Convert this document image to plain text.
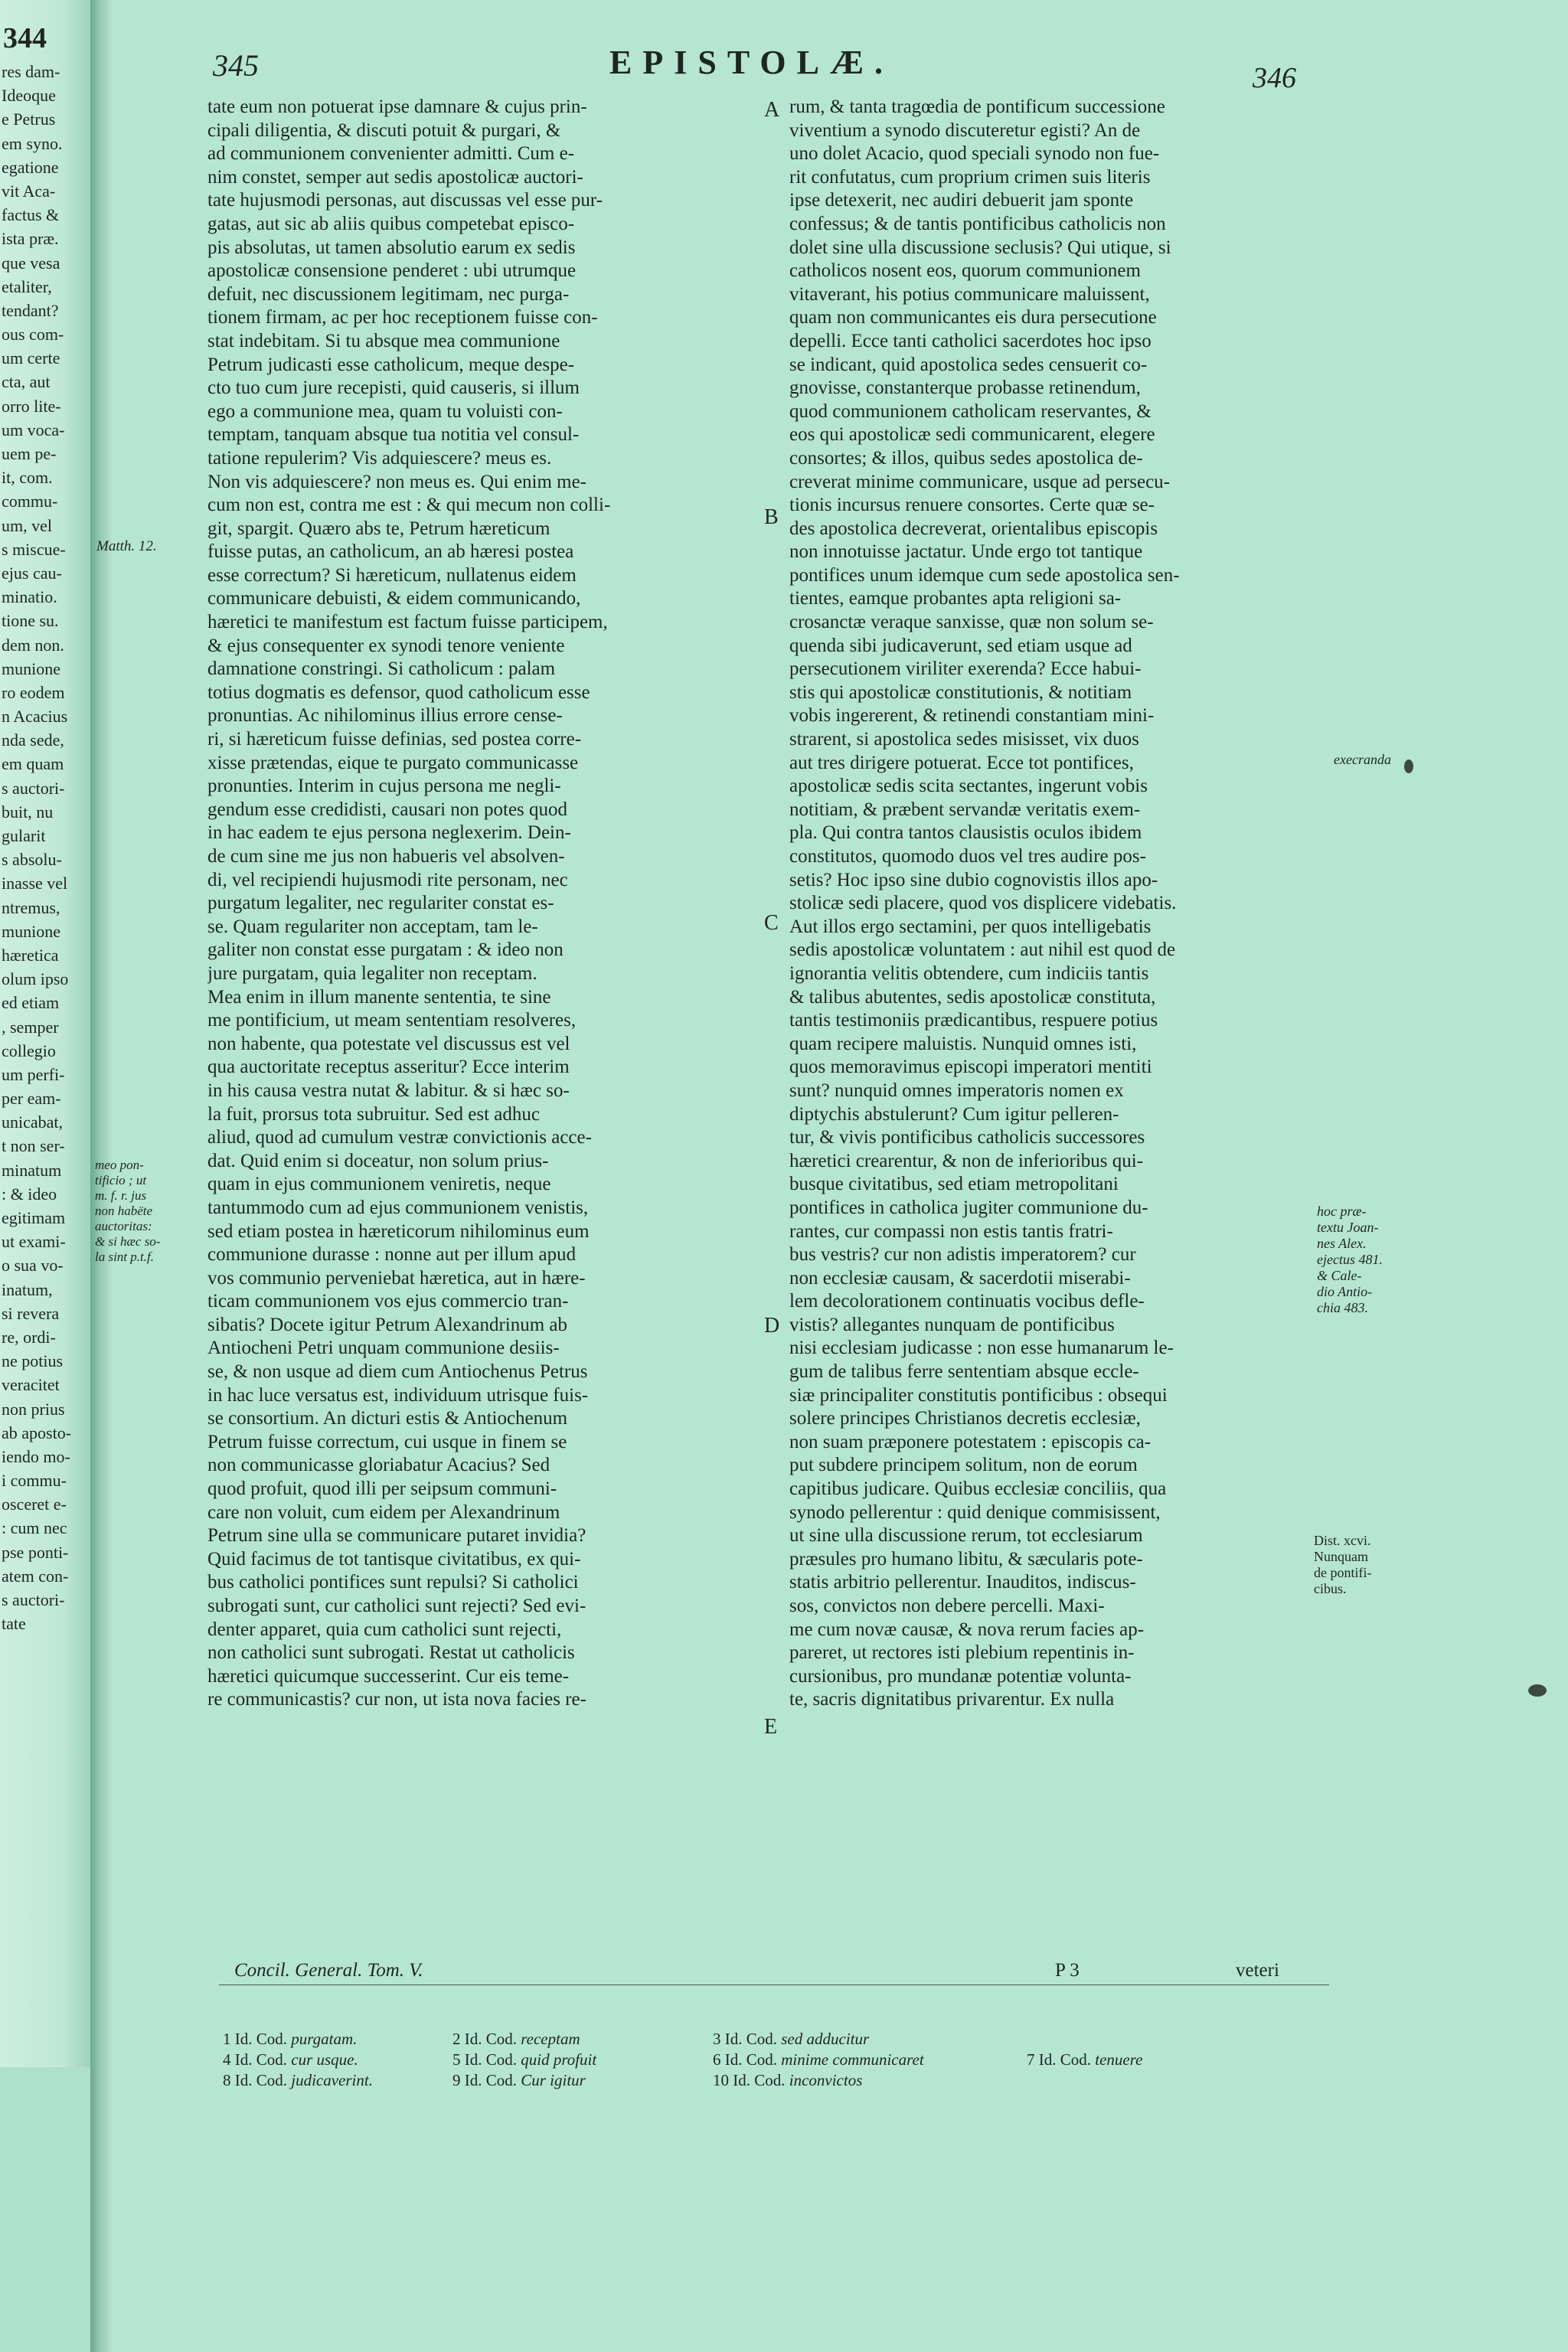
344
res dam-
Ideoque
e Petrus
em syno.
egatione
vit Aca-
factus &
ista præ.
que vesa
etaliter,
tendant?
ous com-
um certe
cta, aut
orro lite-
um voca-
uem pe-
it, com.
commu-
um, vel
s miscue-
ejus cau-
minatio.
tione su.
dem non.
munione
ro eodem
n Acacius
nda sede,
em quam
s auctori-
buit, nu
gularit
s absolu-
inasse vel
ntremus,
munione
hæretica
olum ipso
ed etiam
, semper
collegio
um perfi-
per eam-
unicabat,
t non ser-
minatum
: & ideo
egitimam
ut exami-
o sua vo-
inatum,
si revera
re, ordi-
ne potius
veracitet
non prius
ab aposto-
iendo mo-
i commu-
osceret e-
: cum nec
pse ponti-
atem con-
s auctori-
tate
345	EPISTOLÆ.	346
tate eum non potuerat ipse damnare & cujus prin-
cipali diligentia, & discuti potuit & purgari, &
ad communionem convenienter admitti. Cum e-
nim constet, semper aut sedis apostolicæ auctori-
tate hujusmodi personas, aut discussas vel esse pur-
gatas, aut sic ab aliis quibus competebat episco-
pis absolutas, ut tamen absolutio earum ex sedis
apostolicæ consensione penderet : ubi utrumque
defuit, nec discussionem legitimam, nec purga-
tionem firmam, ac per hoc receptionem fuisse con-
stat indebitam. Si tu absque mea communione
Petrum judicasti esse catholicum, meque despe-
cto tuo cum jure recepisti, quid causeris, si illum
ego a communione mea, quam tu voluisti con-
temptam, tanquam absque tua notitia vel consul-
tatione repulerim? Vis adquiescere? meus es.
Non vis adquiescere? non meus es. Qui enim me-
cum non est, contra me est : & qui mecum non colli-
git, spargit. Quæro abs te, Petrum hæreticum
fuisse putas, an catholicum, an ab hæresi postea
esse correctum? Si hæreticum, nullatenus eidem
communicare debuisti, & eidem communicando,
hæretici te manifestum est factum fuisse participem,
& ejus consequenter ex synodi tenore veniente
damnatione constringi. Si catholicum : palam
totius dogmatis es defensor, quod catholicum esse
pronuntias. Ac nihilominus illius errore cense-
ri, si hæreticum fuisse definias, sed postea corre-
xisse prætendas, eique te purgato communicasse
pronunties. Interim in cujus persona me negli-
gendum esse credidisti, causari non potes quod
in hac eadem te ejus persona neglexerim. Dein-
de cum sine me jus non habueris vel absolven-
di, vel recipiendi hujusmodi rite personam, nec
purgatum legaliter, nec regulariter constat es-
se. Quam regulariter non acceptam, tam le-
galiter non constat esse purgatam : & ideo non
jure purgatam, quia legaliter non receptam.
Mea enim in illum manente sententia, te sine
me pontificium, ut meam sententiam resolveres,
non habente, qua potestate vel discussus est vel
qua auctoritate receptus asseritur? Ecce interim
in his causa vestra nutat & labitur. & si hæc so-
la fuit, prorsus tota subruitur. Sed est adhuc
aliud, quod ad cumulum vestræ convictionis acce-
dat. Quid enim si doceatur, non solum prius-
quam in ejus communionem veniretis, neque
tantummodo cum ad ejus communionem venistis,
sed etiam postea in hæreticorum nihilominus eum
communione durasse : nonne aut per illum apud
vos communio perveniebat hæretica, aut in hære-
ticam communionem vos ejus commercio tran-
sibatis? Docete igitur Petrum Alexandrinum ab
Antiocheni Petri unquam communione desiis-
se, & non usque ad diem cum Antiochenus Petrus
in hac luce versatus est, individuum utrisque fuis-
se consortium. An dicturi estis & Antiochenum
Petrum fuisse correctum, cui usque in finem se
non communicasse gloriabatur Acacius? Sed
quod profuit, quod illi per seipsum communi-
care non voluit, cum eidem per Alexandrinum
Petrum sine ulla se communicare putaret invidia?
Quid facimus de tot tantisque civitatibus, ex qui-
bus catholici pontifices sunt repulsi? Si catholici
subrogati sunt, cur catholici sunt rejecti? Sed evi-
denter apparet, quia cum catholici sunt rejecti,
non catholici sunt subrogati. Restat ut catholicis
hæretici quicumque successerint. Cur eis teme-
re communicastis? cur non, ut ista nova facies re-
rum, & tanta tragœdia de pontificum successione
viventium a synodo discuteretur egisti? An de
uno dolet Acacio, quod speciali synodo non fue-
rit confutatus, cum proprium crimen suis literis
ipse detexerit, nec audiri debuerit jam sponte
confessus; & de tantis pontificibus catholicis non
dolet sine ulla discussione seclusis? Qui utique, si
catholicos nosent eos, quorum communionem
vitaverant, his potius communicare maluissent,
quam non communicantes eis dura persecutione
depelli. Ecce tanti catholici sacerdotes hoc ipso
se indicant, quid apostolica sedes censuerit co-
gnovisse, constanterque probasse retinendum,
quod communionem catholicam reservantes, &
eos qui apostolicæ sedi communicarent, elegere
consortes; & illos, quibus sedes apostolica de-
creverat minime communicare, usque ad persecu-
tionis incursus renuere consortes. Certe quæ se-
des apostolica decreverat, orientalibus episcopis
non innotuisse jactatur. Unde ergo tot tantique
pontifices unum idemque cum sede apostolica sen-
tientes, eamque probantes apta religioni sa-
crosanctæ veraque sanxisse, quæ non solum se-
quenda sibi judicaverunt, sed etiam usque ad
persecutionem viriliter exerenda? Ecce habui-
stis qui apostolicæ constitutionis, & notitiam
vobis ingererent, & retinendi constantiam mini-
strarent, si apostolica sedes misisset, vix duos
aut tres dirigere potuerat. Ecce tot pontifices,
apostolicæ sedis scita sectantes, ingerunt vobis
notitiam, & præbent servandæ veritatis exem-
pla. Qui contra tantos clausistis oculos ibidem
constitutos, quomodo duos vel tres audire pos-
setis? Hoc ipso sine dubio cognovistis illos apo-
stolicæ sedi placere, quod vos displicere videbatis.
Aut illos ergo sectamini, per quos intelligebatis
sedis apostolicæ voluntatem : aut nihil est quod de
ignorantia velitis obtendere, cum indiciis tantis
& talibus abutentes, sedis apostolicæ constituta,
tantis testimoniis prædicantibus, respuere potius
quam recipere maluistis. Nunquid omnes isti,
quos memoravimus episcopi imperatori mentiti
sunt? nunquid omnes imperatoris nomen ex
diptychis abstulerunt? Cum igitur pelleren-
tur, & vivis pontificibus catholicis successores
hæretici crearentur, & non de inferioribus qui-
busque civitatibus, sed etiam metropolitani
pontifices in catholica jugiter communione du-
rantes, cur compassi non estis tantis fratri-
bus vestris? cur non adistis imperatorem? cur
non ecclesiæ causam, & sacerdotii miserabi-
lem decolorationem continuatis vocibus defle-
vistis? allegantes nunquam de pontificibus
nisi ecclesiam judicasse : non esse humanarum le-
gum de talibus ferre sententiam absque eccle-
siæ principaliter constitutis pontificibus : obsequi
solere principes Christianos decretis ecclesiæ,
non suam præponere potestatem : episcopis ca-
put subdere principem solitum, non de eorum
capitibus judicare. Quibus ecclesiæ conciliis, qua
synodo pellerentur : quid denique commisissent,
ut sine ulla discussione rerum, tot ecclesiarum
præsules pro humano libitu, & sæcularis pote-
statis arbitrio pellerentur. Inauditos, indiscus-
sos, convictos non debere percelli. Maxi-
me cum novæ causæ, & nova rerum facies ap-
pareret, ut rectores isti plebium repentinis in-
cursionibus, pro mundanæ potentiæ volunta-
te, sacris dignitatibus privarentur. Ex nulla
A
B
C
D
E
Matth. 12.
meo pon-
tificio ; ut
m. f. r. jus
non habëte
auctoritas:
& si hæc so-
la sint p.t.f.
execranda
hoc præ-
textu Joan-
nes Alex.
ejectus 481.
& Cale-
dio Antio-
chia 483.
Dist. xcvi.
Nunquam
de pontifi-
cibus.
Concil. General. Tom. V.	P 3	veteri
1 Id. Cod. purgatam.	2 Id. Cod. receptam	3 Id. Cod. sed adducitur
4 Id. Cod. cur usque.	5 Id. Cod. quid profuit	6 Id. Cod. minime communicaret	7 Id. Cod. tenuere
8 Id. Cod. judicaverint.	9 Id. Cod. Cur igitur	10 Id. Cod. inconvictos
